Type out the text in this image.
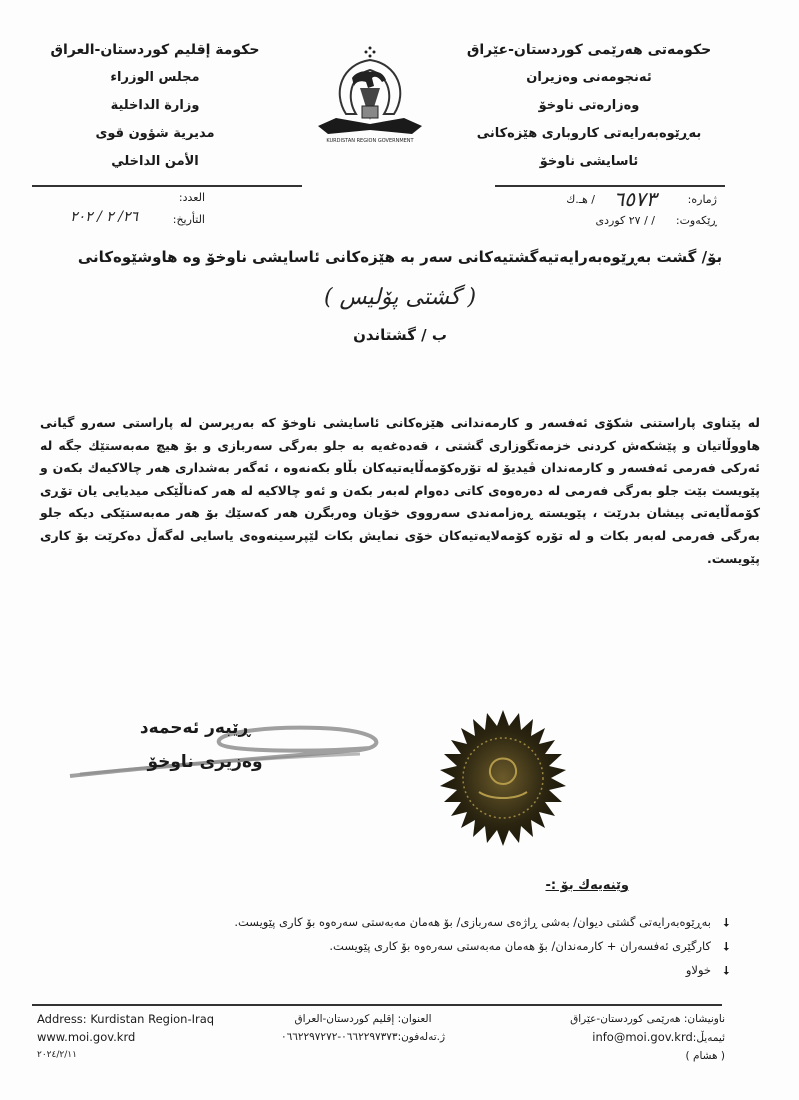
حكومة إقليم كوردستان-العراق
مجلس الوزراء
وزارة الداخلية
مديرية شؤون قوى
الأمن الداخلي
KURDISTAN REGION GOVERNMENT
حکومەتی هەرێمی کوردستان-عێراق
ئەنجومەنی وەزیران
وەزارەتی ناوخۆ
بەڕێوەبەرایەتی کاروباری هێزەکانی
ئاسایشی ناوخۆ
العدد:
التأريخ:
٢٦/ ٢ / ٢٠٢
ژمارە:
٦٥٧٣
/ هـ.ك
ڕێکەوت:
/ / ٢٧ کوردی
بۆ/ گشت بەڕێوەبەرایەتیەگشتیەکانی سەر بە هێزەکانی ئاسایشی ناوخۆ وە هاوشێوەکانی
( گشتی پۆلیس )
ب / گشتاندن
لە پێناوی پاراستنی شکۆی ئەفسەر و کارمەندانی هێزەکانی ئاسایشی ناوخۆ کە بەرپرسن لە پاراستی سەرو گیانی هاووڵاتیان و پێشکەش کردنی خزمەتگوزاری گشتی ، قەدەغەیە بە جلو بەرگی سەربازی و بۆ هیچ مەبەستێك جگە لە ئەرکی فەرمی ئەفسەر و کارمەندان ڤیدیۆ لە تۆرەکۆمەڵایەتیەکان بڵاو بکەنەوە ، ئەگەر بەشداری هەر چالاکیەك بکەن و پێویست بێت جلو بەرگی فەرمی لە دەرەوەی کاتی دەوام لەبەر بکەن و ئەو چالاکیە لە هەر کەناڵێکی میدیایی یان تۆڕی کۆمەڵایەتی پیشان بدرێت ، پێویستە ڕەزامەندی سەرووی خۆیان وەربگرن هەر کەسێك بۆ هەر مەبەستێکی دیکە جلو بەرگی فەرمی لەبەر بکات و لە تۆرە کۆمەلایەتیەکان خۆی نمایش بکات لێپرسینەوەی یاسایی لەگەڵ دەکرێت بۆ کاری پێویست.
ڕێبەر ئەحمەد
وەزیری ناوخۆ
وێنەیەك بۆ :-
⭣بەڕێوەبەرایەتی گشتی دیوان/ بەشی ڕاژەی سەربازی/ بۆ هەمان مەبەستی سەرەوە بۆ کاری پێویست.
⭣کارگێری ئەفسەران + کارمەندان/ بۆ هەمان مەبەستی سەرەوە بۆ کاری پێویست.
⭣خولاو
Address: Kurdistan Region-Iraq
www.moi.gov.krd
٢٠٢٤/٢/١١
العنوان: إقليم كوردستان-العراق
ژ.تەلەفون:٠٦٦٢٢٩٧٣٧٣-٠٦٦٢٢٩٧٢٧٢
ناونیشان: هەرێمی کوردستان-عێراق
ئیمەیڵ:info@moi.gov.krd
( هشام )
